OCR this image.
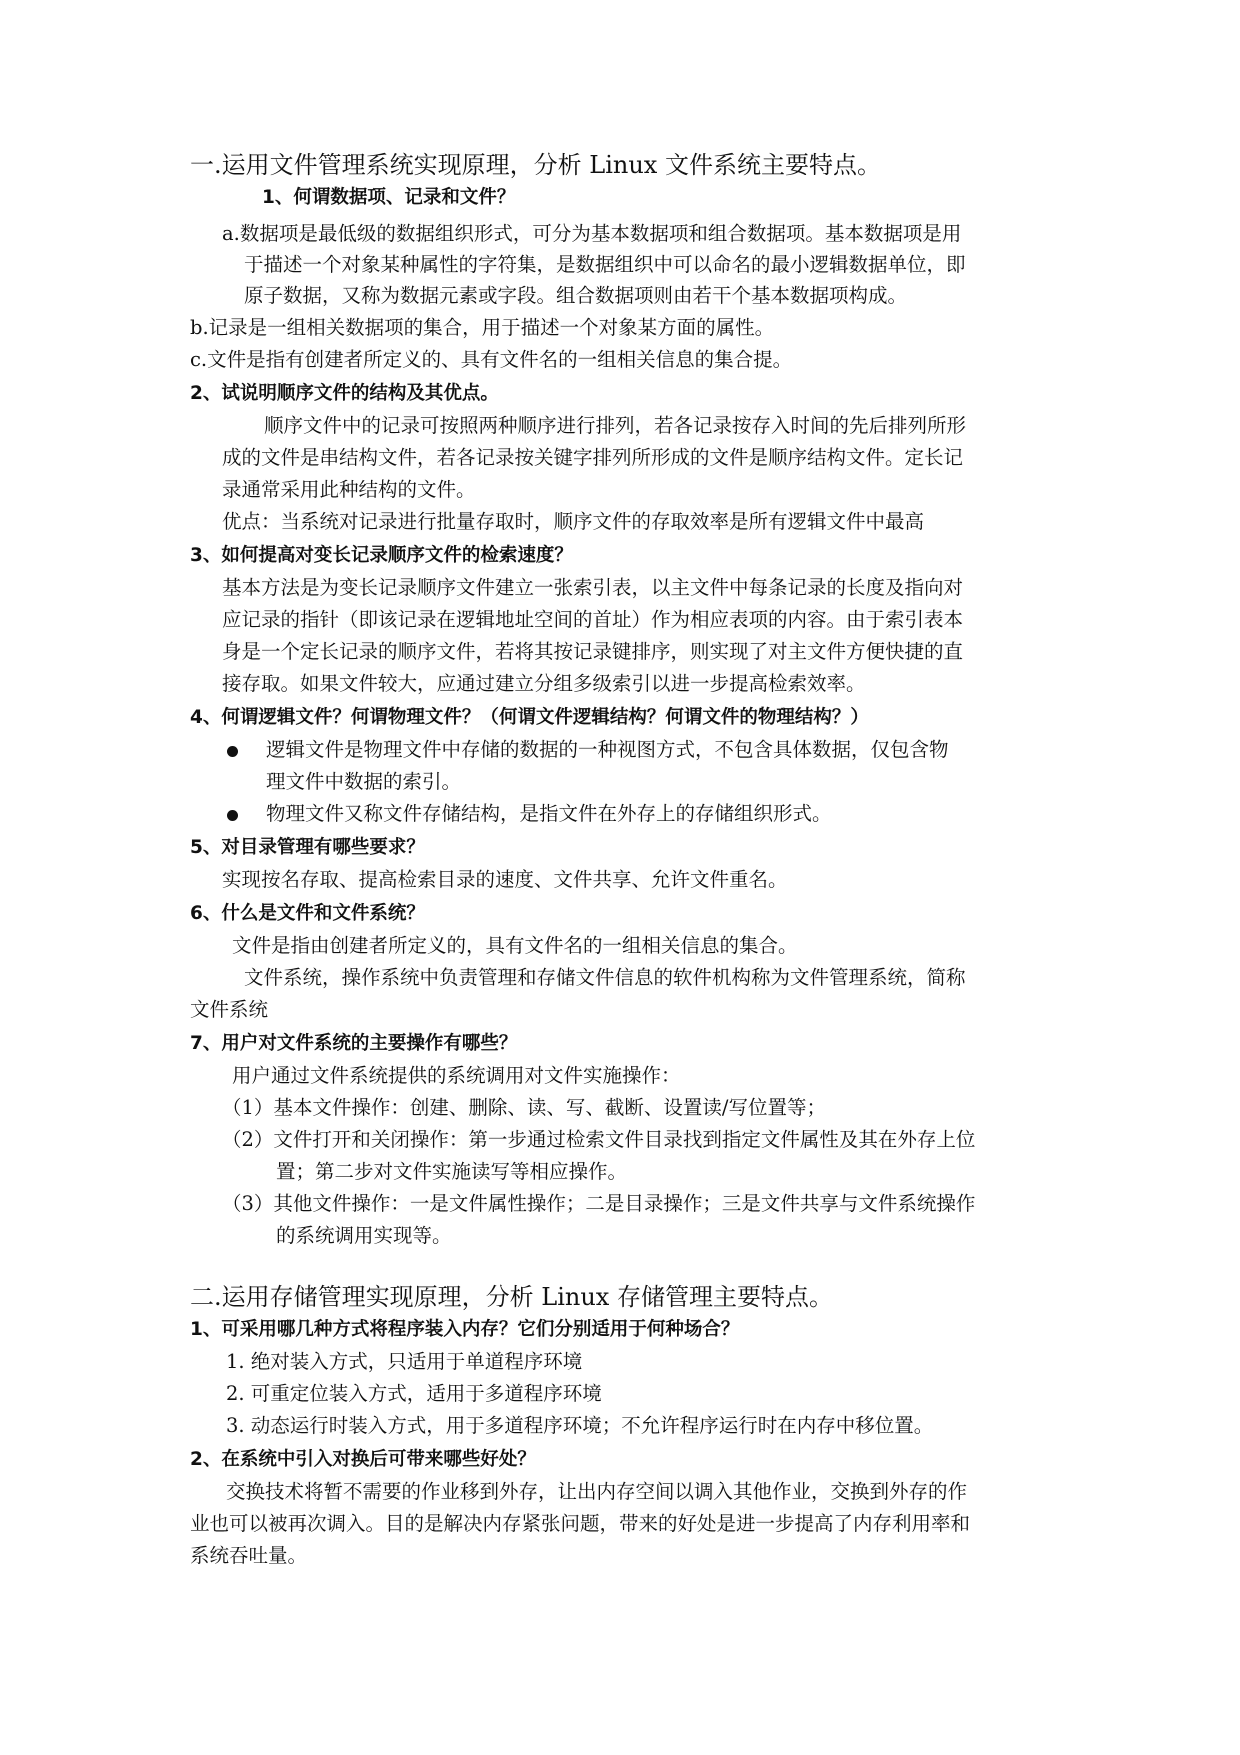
一.运用文件管理系统实现原理，分析 Linux 文件系统主要特点。
1、何谓数据项、记录和文件？
a.数据项是最低级的数据组织形式，可分为基本数据项和组合数据项。基本数据项是用
于描述一个对象某种属性的字符集，是数据组织中可以命名的最小逻辑数据单位，即
原子数据，又称为数据元素或字段。组合数据项则由若干个基本数据项构成。
b.记录是一组相关数据项的集合，用于描述一个对象某方面的属性。
c.文件是指有创建者所定义的、具有文件名的一组相关信息的集合提。
2、试说明顺序文件的结构及其优点。
顺序文件中的记录可按照两种顺序进行排列，若各记录按存入时间的先后排列所形
成的文件是串结构文件，若各记录按关键字排列所形成的文件是顺序结构文件。定长记
录通常采用此种结构的文件。
优点：当系统对记录进行批量存取时，顺序文件的存取效率是所有逻辑文件中最高
3、如何提高对变长记录顺序文件的检索速度？
基本方法是为变长记录顺序文件建立一张索引表，以主文件中每条记录的长度及指向对
应记录的指针（即该记录在逻辑地址空间的首址）作为相应表项的内容。由于索引表本
身是一个定长记录的顺序文件，若将其按记录键排序，则实现了对主文件方便快捷的直
接存取。如果文件较大，应通过建立分组多级索引以进一步提高检索效率。
4、何谓逻辑文件？何谓物理文件？（何谓文件逻辑结构？何谓文件的物理结构？）
逻辑文件是物理文件中存储的数据的一种视图方式，不包含具体数据，仅包含物
理文件中数据的索引。
物理文件又称文件存储结构，是指文件在外存上的存储组织形式。
5、对目录管理有哪些要求？
实现按名存取、提高检索目录的速度、文件共享、允许文件重名。
6、什么是文件和文件系统？
文件是指由创建者所定义的，具有文件名的一组相关信息的集合。
文件系统，操作系统中负责管理和存储文件信息的软件机构称为文件管理系统，简称
文件系统
7、用户对文件系统的主要操作有哪些？
用户通过文件系统提供的系统调用对文件实施操作：
（1）基本文件操作：创建、删除、读、写、截断、设置读/写位置等；
（2）文件打开和关闭操作：第一步通过检索文件目录找到指定文件属性及其在外存上位
置；第二步对文件实施读写等相应操作。
（3）其他文件操作：一是文件属性操作；二是目录操作；三是文件共享与文件系统操作
的系统调用实现等。
二.运用存储管理实现原理，分析 Linux 存储管理主要特点。
1、可采用哪几种方式将程序装入内存？它们分别适用于何种场合？
1. 绝对装入方式，只适用于单道程序环境
2. 可重定位装入方式，适用于多道程序环境
3. 动态运行时装入方式，用于多道程序环境；不允许程序运行时在内存中移位置。
2、在系统中引入对换后可带来哪些好处？
交换技术将暂不需要的作业移到外存，让出内存空间以调入其他作业，交换到外存的作
业也可以被再次调入。目的是解决内存紧张问题，带来的好处是进一步提高了内存利用率和
系统吞吐量。
